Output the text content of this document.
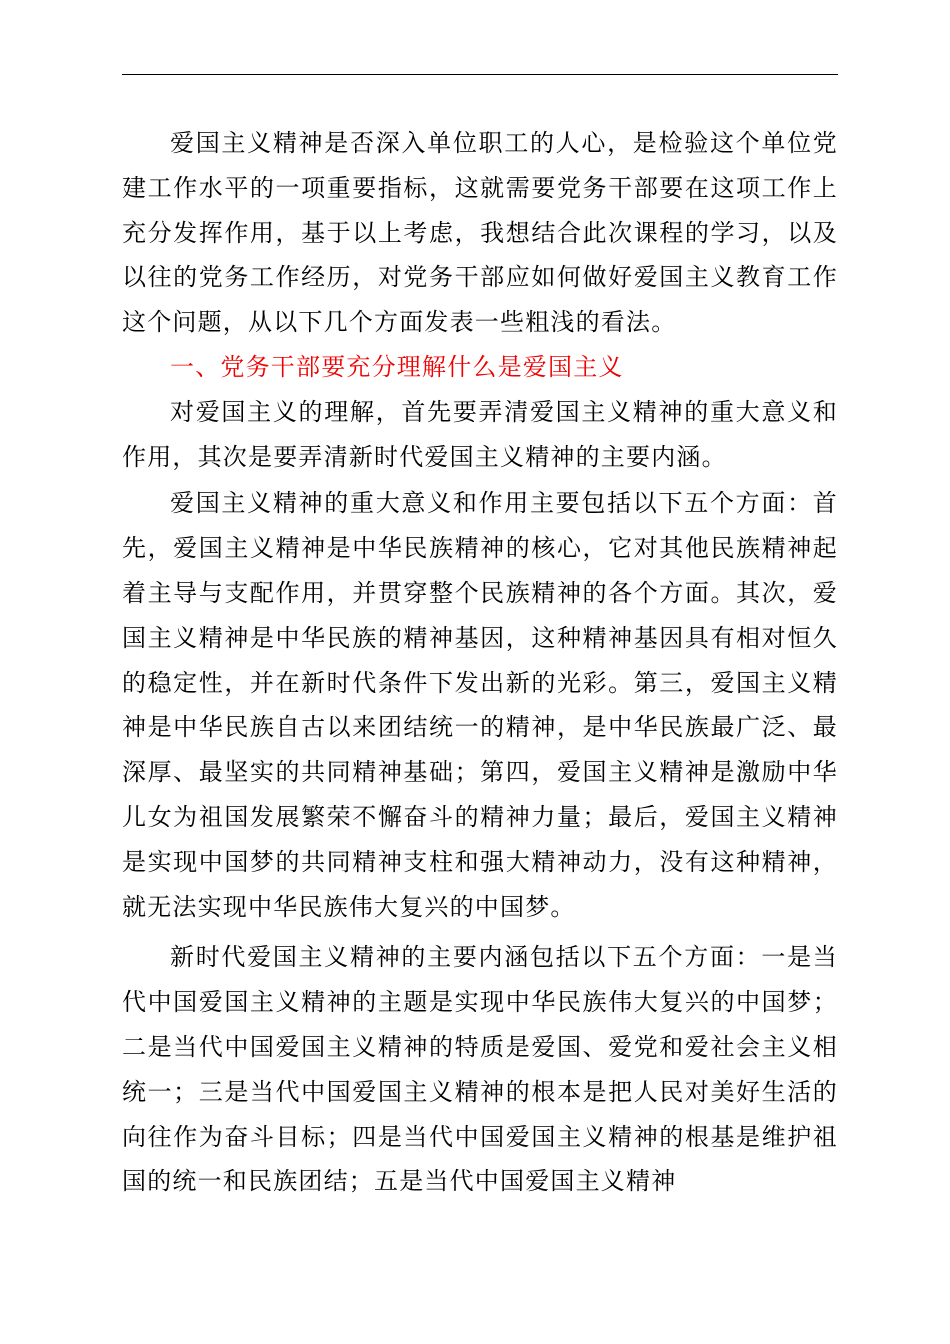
爱国主义精神是否深入单位职工的人心，是检验这个单位党建工作水平的一项重要指标，这就需要党务干部要在这项工作上充分发挥作用，基于以上考虑，我想结合此次课程的学习，以及以往的党务工作经历，对党务干部应如何做好爱国主义教育工作这个问题，从以下几个方面发表一些粗浅的看法。

一、党务干部要充分理解什么是爱国主义

对爱国主义的理解，首先要弄清爱国主义精神的重大意义和作用，其次是要弄清新时代爱国主义精神的主要内涵。

爱国主义精神的重大意义和作用主要包括以下五个方面：首先，爱国主义精神是中华民族精神的核心，它对其他民族精神起着主导与支配作用，并贯穿整个民族精神的各个方面。其次，爱国主义精神是中华民族的精神基因，这种精神基因具有相对恒久的稳定性，并在新时代条件下发出新的光彩。第三，爱国主义精神是中华民族自古以来团结统一的精神，是中华民族最广泛、最深厚、最坚实的共同精神基础；第四，爱国主义精神是激励中华儿女为祖国发展繁荣不懈奋斗的精神力量；最后，爱国主义精神是实现中国梦的共同精神支柱和强大精神动力，没有这种精神，就无法实现中华民族伟大复兴的中国梦。

新时代爱国主义精神的主要内涵包括以下五个方面：一是当代中国爱国主义精神的主题是实现中华民族伟大复兴的中国梦；二是当代中国爱国主义精神的特质是爱国、爱党和爱社会主义相统一；三是当代中国爱国主义精神的根本是把人民对美好生活的向往作为奋斗目标；四是当代中国爱国主义精神的根基是维护祖国的统一和民族团结；五是当代中国爱国主义精神
